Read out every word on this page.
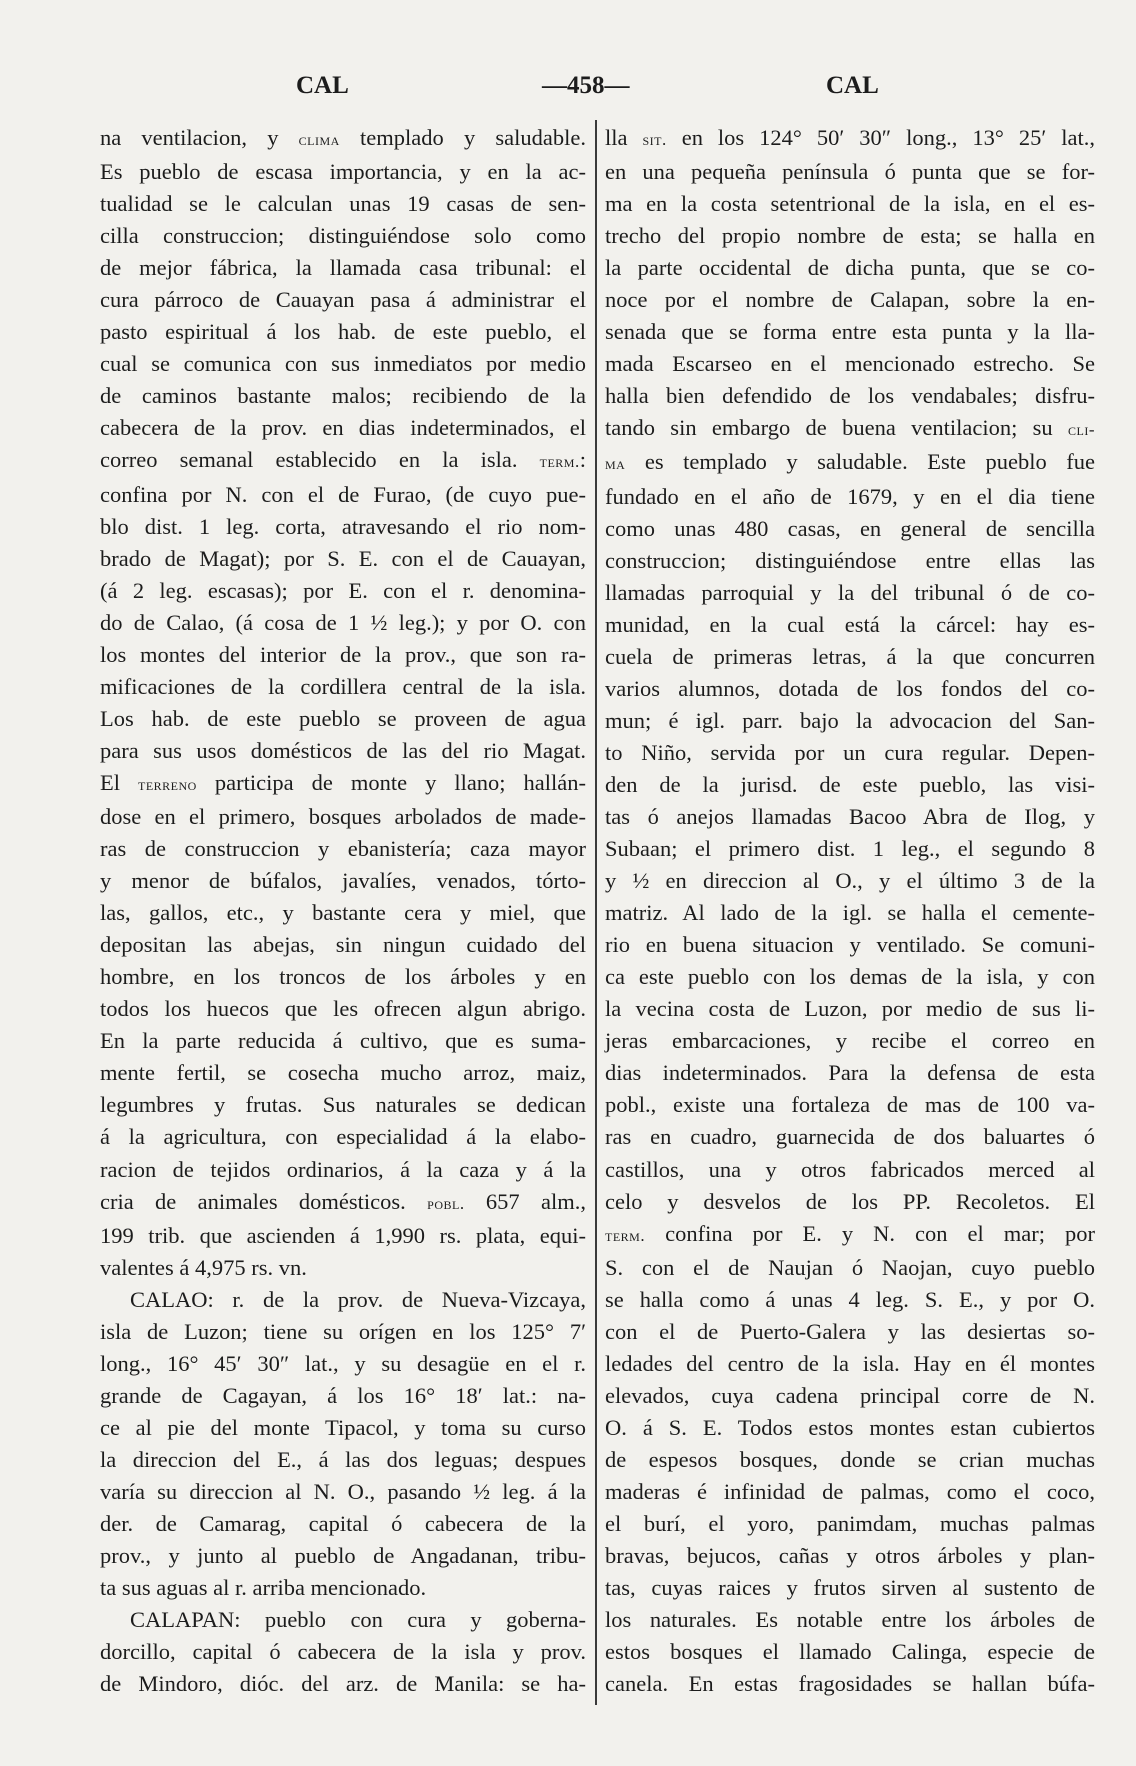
CAL	—458—	CAL
na ventilacion, y clima templado y saludable.
Es pueblo de escasa importancia, y en la ac-
tualidad se le calculan unas 19 casas de sen-
cilla construccion; distinguiéndose solo como
de mejor fábrica, la llamada casa tribunal: el
cura párroco de Cauayan pasa á administrar el
pasto espiritual á los hab. de este pueblo, el
cual se comunica con sus inmediatos por medio
de caminos bastante malos; recibiendo de la
cabecera de la prov. en dias indeterminados, el
correo semanal establecido en la isla. term.:
confina por N. con el de Furao, (de cuyo pue-
blo dist. 1 leg. corta, atravesando el rio nom-
brado de Magat); por S. E. con el de Cauayan,
(á 2 leg. escasas); por E. con el r. denomina-
do de Calao, (á cosa de 1 ½ leg.); y por O. con
los montes del interior de la prov., que son ra-
mificaciones de la cordillera central de la isla.
Los hab. de este pueblo se proveen de agua
para sus usos domésticos de las del rio Magat.
El terreno participa de monte y llano; hallán-
dose en el primero, bosques arbolados de made-
ras de construccion y ebanistería; caza mayor
y menor de búfalos, javalíes, venados, tórto-
las, gallos, etc., y bastante cera y miel, que
depositan las abejas, sin ningun cuidado del
hombre, en los troncos de los árboles y en
todos los huecos que les ofrecen algun abrigo.
En la parte reducida á cultivo, que es suma-
mente fertil, se cosecha mucho arroz, maiz,
legumbres y frutas. Sus naturales se dedican
á la agricultura, con especialidad á la elabo-
racion de tejidos ordinarios, á la caza y á la
cria de animales domésticos. pobl. 657 alm.,
199 trib. que ascienden á 1,990 rs. plata, equi-
valentes á 4,975 rs. vn.
CALAO: r. de la prov. de Nueva-Vizcaya,
isla de Luzon; tiene su orígen en los 125° 7′
long., 16° 45′ 30″ lat., y su desagüe en el r.
grande de Cagayan, á los 16° 18′ lat.: na-
ce al pie del monte Tipacol, y toma su curso
la direccion del E., á las dos leguas; despues
varía su direccion al N. O., pasando ½ leg. á la
der. de Camarag, capital ó cabecera de la
prov., y junto al pueblo de Angadanan, tribu-
ta sus aguas al r. arriba mencionado.
CALAPAN: pueblo con cura y goberna-
dorcillo, capital ó cabecera de la isla y prov.
de Mindoro, dióc. del arz. de Manila: se ha-
lla sit. en los 124° 50′ 30″ long., 13° 25′ lat.,
en una pequeña península ó punta que se for-
ma en la costa setentrional de la isla, en el es-
trecho del propio nombre de esta; se halla en
la parte occidental de dicha punta, que se co-
noce por el nombre de Calapan, sobre la en-
senada que se forma entre esta punta y la lla-
mada Escarseo en el mencionado estrecho. Se
halla bien defendido de los vendabales; disfru-
tando sin embargo de buena ventilacion; su cli-
ma es templado y saludable. Este pueblo fue
fundado en el año de 1679, y en el dia tiene
como unas 480 casas, en general de sencilla
construccion; distinguiéndose entre ellas las
llamadas parroquial y la del tribunal ó de co-
munidad, en la cual está la cárcel: hay es-
cuela de primeras letras, á la que concurren
varios alumnos, dotada de los fondos del co-
mun; é igl. parr. bajo la advocacion del San-
to Niño, servida por un cura regular. Depen-
den de la jurisd. de este pueblo, las visi-
tas ó anejos llamadas Bacoo Abra de Ilog, y
Subaan; el primero dist. 1 leg., el segundo 8
y ½ en direccion al O., y el último 3 de la
matriz. Al lado de la igl. se halla el cemente-
rio en buena situacion y ventilado. Se comuni-
ca este pueblo con los demas de la isla, y con
la vecina costa de Luzon, por medio de sus li-
jeras embarcaciones, y recibe el correo en
dias indeterminados. Para la defensa de esta
pobl., existe una fortaleza de mas de 100 va-
ras en cuadro, guarnecida de dos baluartes ó
castillos, una y otros fabricados merced al
celo y desvelos de los PP. Recoletos. El
term. confina por E. y N. con el mar; por
S. con el de Naujan ó Naojan, cuyo pueblo
se halla como á unas 4 leg. S. E., y por O.
con el de Puerto-Galera y las desiertas so-
ledades del centro de la isla. Hay en él montes
elevados, cuya cadena principal corre de N.
O. á S. E. Todos estos montes estan cubiertos
de espesos bosques, donde se crian muchas
maderas é infinidad de palmas, como el coco,
el burí, el yoro, panimdam, muchas palmas
bravas, bejucos, cañas y otros árboles y plan-
tas, cuyas raices y frutos sirven al sustento de
los naturales. Es notable entre los árboles de
estos bosques el llamado Calinga, especie de
canela. En estas fragosidades se hallan búfa-
